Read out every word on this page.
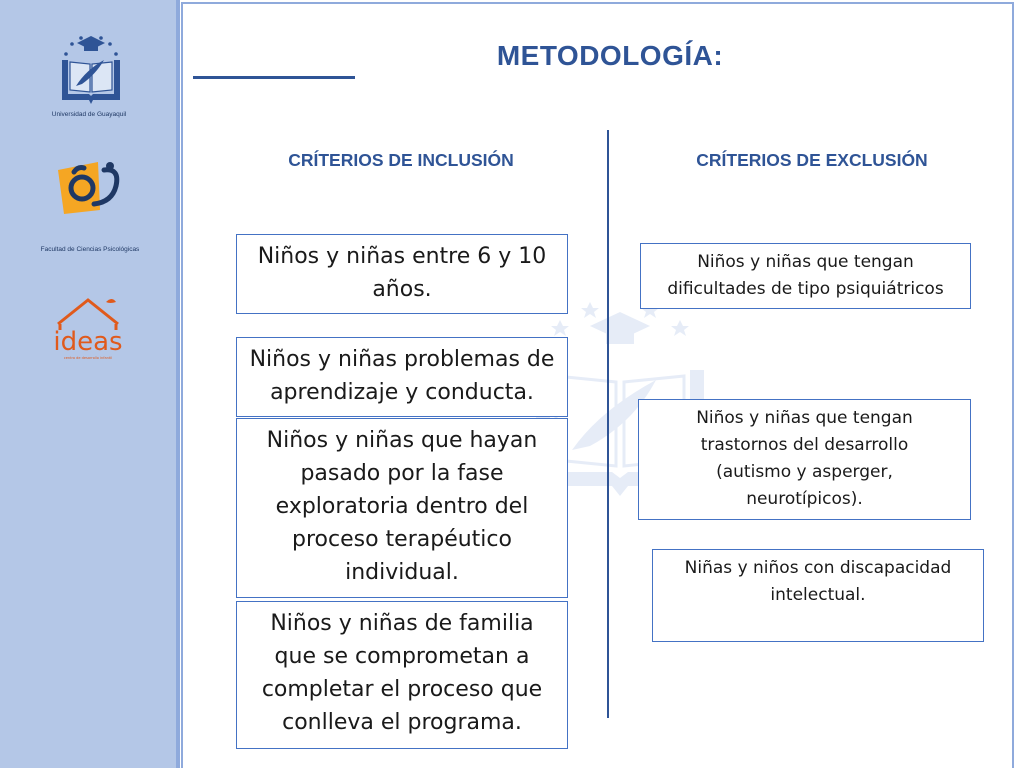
Universidad de Guayaquil
Facultad de Ciencias Psicológicas
ideas
centro de desarrollo infantil
METODOLOGÍA:
CRÍTERIOS DE INCLUSIÓN	CRÍTERIOS DE EXCLUSIÓN
Niños y niñas entre 6 y 10 años.
Niños y niñas problemas de aprendizaje y conducta.
Niños y niñas que hayan pasado por la fase exploratoria dentro del proceso terapéutico individual.
Niños y niñas de familia que se comprometan a completar el proceso que conlleva el programa.
Niños y niñas que tengan dificultades de tipo psiquiátricos
Niños y niñas que tengan trastornos del desarrollo (autismo y asperger, neurotípicos).
Niñas y niños con discapacidad intelectual.
